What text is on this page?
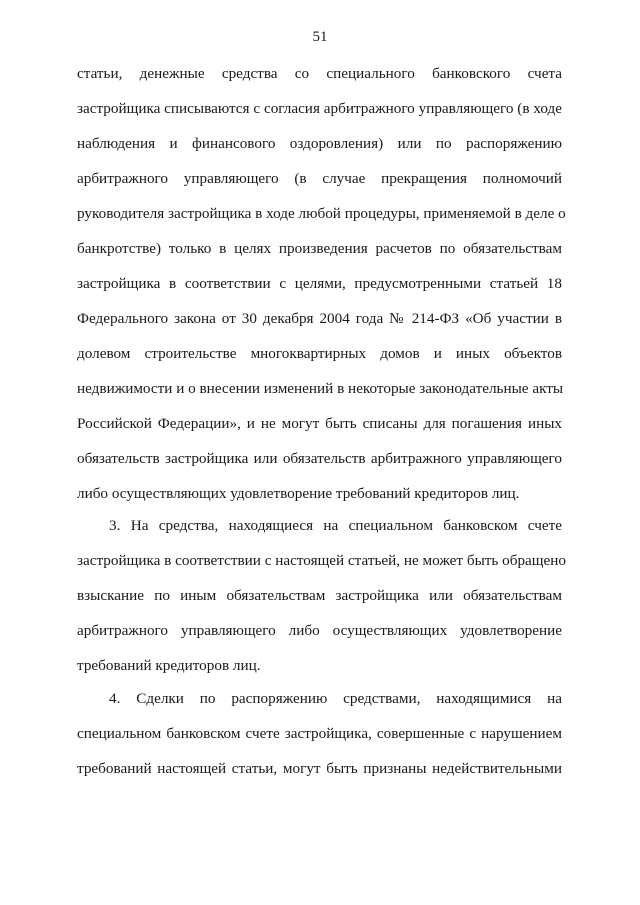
51
статьи, денежные средства со специального банковского счета
застройщика списываются с согласия арбитражного управляющего (в ходе
наблюдения и финансового оздоровления) или по распоряжению
арбитражного управляющего (в случае прекращения полномочий
руководителя застройщика в ходе любой процедуры, применяемой в деле о
банкротстве) только в целях произведения расчетов по обязательствам
застройщика в соответствии с целями, предусмотренными статьей 18
Федерального закона от 30 декабря 2004 года № 214-ФЗ «Об участии в
долевом строительстве многоквартирных домов и иных объектов
недвижимости и о внесении изменений в некоторые законодательные акты
Российской Федерации», и не могут быть списаны для погашения иных
обязательств застройщика или обязательств арбитражного управляющего
либо осуществляющих удовлетворение требований кредиторов лиц.
3. На средства, находящиеся на специальном банковском счете
застройщика в соответствии с настоящей статьей, не может быть обращено
взыскание по иным обязательствам застройщика или обязательствам
арбитражного управляющего либо осуществляющих удовлетворение
требований кредиторов лиц.
4. Сделки по распоряжению средствами, находящимися на
специальном банковском счете застройщика, совершенные с нарушением
требований настоящей статьи, могут быть признаны недействительными
